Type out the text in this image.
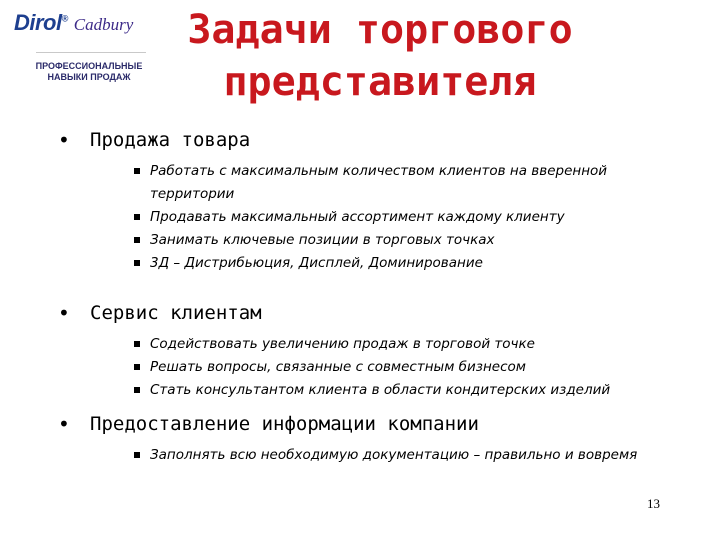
Dirol® Cadbury
ПРОФЕССИОНАЛЬНЫЕ
НАВЫКИ ПРОДАЖ
Задачи торгового
представителя
• Продажа товара
Работать с максимальным количеством клиентов на вверенной территории
Продавать максимальный ассортимент каждому клиенту
Занимать ключевые позиции в торговых точках
3Д – Дистрибьюция, Дисплей, Доминирование
• Сервис клиентам
Содействовать увеличению продаж в торговой точке
Решать вопросы, связанные с совместным бизнесом
Стать консультантом клиента в области кондитерских изделий
• Предоставление информации компании
Заполнять всю необходимую документацию – правильно и вовремя
13
